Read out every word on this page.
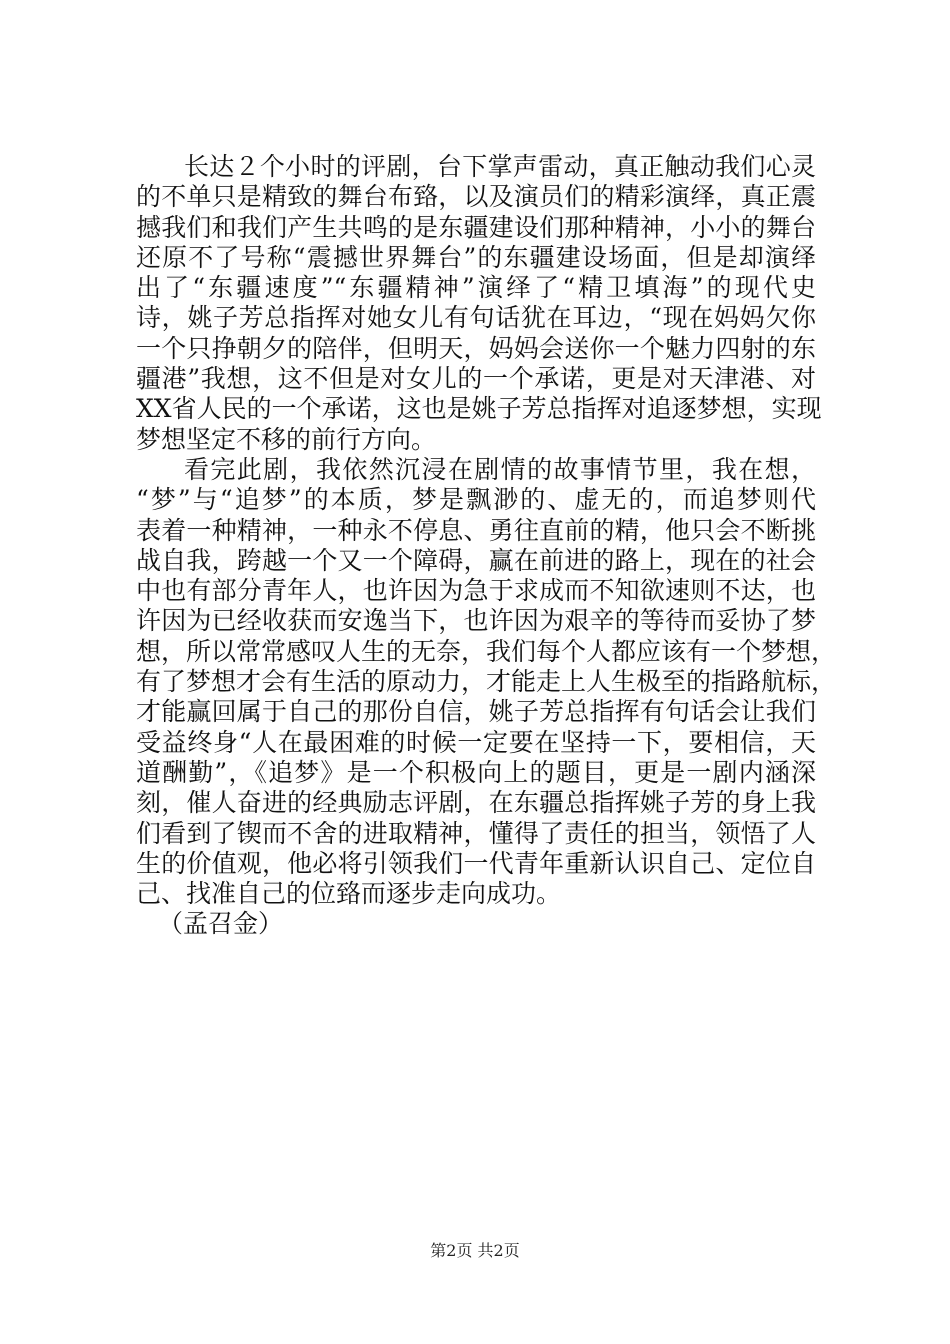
长达２个小时的评剧，台下掌声雷动，真正触动我们心灵
的不单只是精致的舞台布臵，以及演员们的精彩演绎，真正震
撼我们和我们产生共鸣的是东疆建设们那种精神，小小的舞台
还原不了号称“震撼世界舞台”的东疆建设场面，但是却演绎
出了“东疆速度”“东疆精神”演绎了“精卫填海”的现代史
诗，姚子芳总指挥对她女儿有句话犹在耳边，“现在妈妈欠你
一个只挣朝夕的陪伴，但明天，妈妈会送你一个魅力四射的东
疆港”我想，这不但是对女儿的一个承诺，更是对天津港、对
XX省人民的一个承诺，这也是姚子芳总指挥对追逐梦想，实现
梦想坚定不移的前行方向。
看完此剧，我依然沉浸在剧情的故事情节里，我在想，
“梦”与“追梦”的本质，梦是飘渺的、虚无的，而追梦则代
表着一种精神，一种永不停息、勇往直前的精，他只会不断挑
战自我，跨越一个又一个障碍，赢在前进的路上，现在的社会
中也有部分青年人，也许因为急于求成而不知欲速则不达，也
许因为已经收获而安逸当下，也许因为艰辛的等待而妥协了梦
想，所以常常感叹人生的无奈，我们每个人都应该有一个梦想，
有了梦想才会有生活的原动力，才能走上人生极至的指路航标，
才能赢回属于自己的那份自信，姚子芳总指挥有句话会让我们
受益终身“人在最困难的时候一定要在坚持一下，要相信，天
道酬勤”，《追梦》是一个积极向上的题目，更是一剧内涵深
刻，催人奋进的经典励志评剧，在东疆总指挥姚子芳的身上我
们看到了锲而不舍的进取精神，懂得了责任的担当，领悟了人
生的价值观，他必将引领我们一代青年重新认识自己、定位自
己、找准自己的位臵而逐步走向成功。
（孟召金）
第2页 共2页
